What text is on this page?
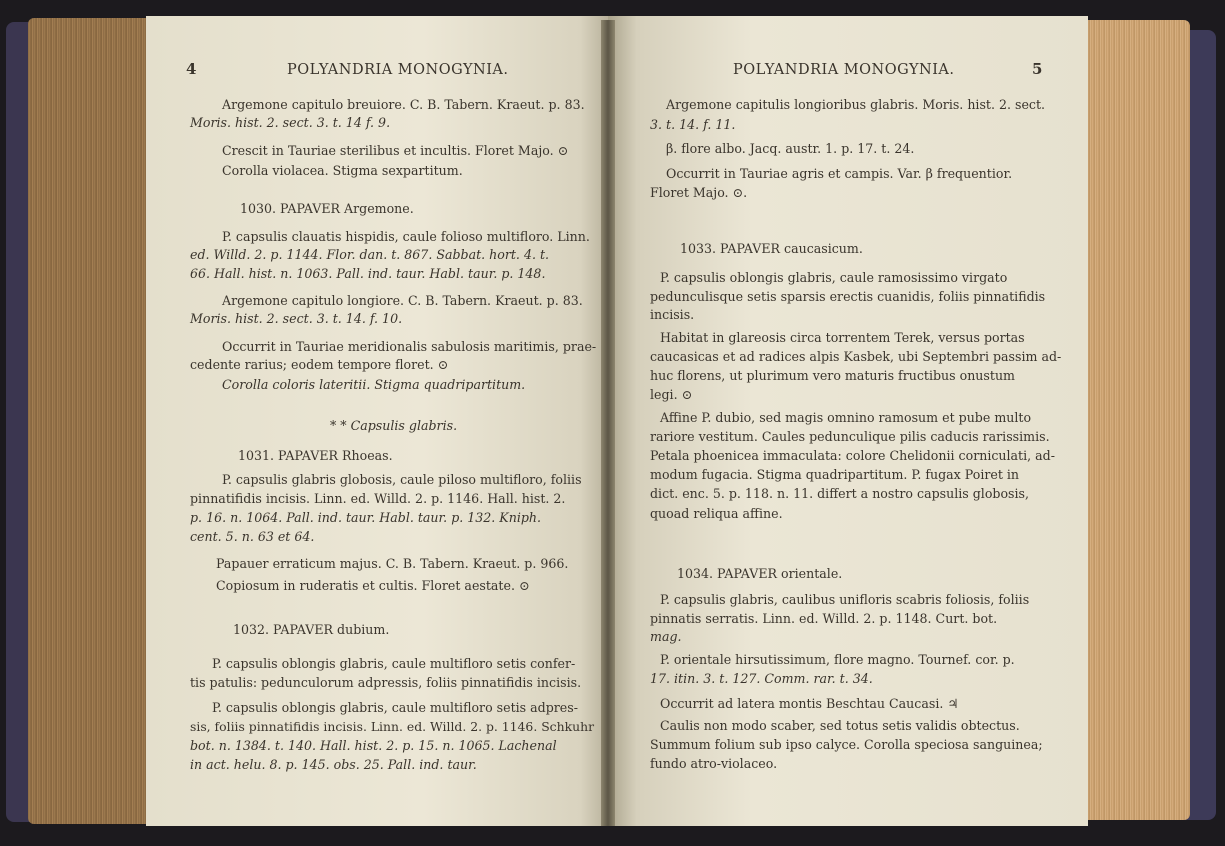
4	POLYANDRIA MONOGYNIA.	POLYANDRIA MONOGYNIA.	5
Argemone capitulo breuiore. C. B. Tabern. Kraeut. p. 83.
Moris. hist. 2. sect. 3. t. 14 f. 9.
Crescit in Tauriae sterilibus et incultis. Floret Majo. ⊙
Corolla violacea. Stigma sexpartitum.
1030. PAPAVER Argemone.
P. capsulis clauatis hispidis, caule folioso multifloro. Linn.
ed. Willd. 2. p. 1144. Flor. dan. t. 867. Sabbat. hort. 4. t.
66. Hall. hist. n. 1063. Pall. ind. taur. Habl. taur. p. 148.
Argemone capitulo longiore. C. B. Tabern. Kraeut. p. 83.
Moris. hist. 2. sect. 3. t. 14. f. 10.
Occurrit in Tauriae meridionalis sabulosis maritimis, prae-
cedente rarius; eodem tempore floret. ⊙
Corolla coloris lateritii. Stigma quadripartitum.
* * Capsulis glabris.
1031. PAPAVER Rhoeas.
P. capsulis glabris globosis, caule piloso multifloro, foliis
pinnatifidis incisis. Linn. ed. Willd. 2. p. 1146. Hall. hist. 2.
p. 16. n. 1064. Pall. ind. taur. Habl. taur. p. 132. Kniph.
cent. 5. n. 63 et 64.
Papauer erraticum majus. C. B. Tabern. Kraeut. p. 966.
Copiosum in ruderatis et cultis. Floret aestate. ⊙
1032. PAPAVER dubium.
P. capsulis oblongis glabris, caule multifloro setis confer-
tis patulis: pedunculorum adpressis, foliis pinnatifidis incisis.
P. capsulis oblongis glabris, caule multifloro setis adpres-
sis, foliis pinnatifidis incisis. Linn. ed. Willd. 2. p. 1146. Schkuhr
bot. n. 1384. t. 140. Hall. hist. 2. p. 15. n. 1065. Lachenal
in act. helu. 8. p. 145. obs. 25. Pall. ind. taur.
Argemone capitulis longioribus glabris. Moris. hist. 2. sect.
3. t. 14. f. 11.
β. flore albo. Jacq. austr. 1. p. 17. t. 24.
Occurrit in Tauriae agris et campis. Var. β frequentior.
Floret Majo. ⊙.
1033. PAPAVER caucasicum.
P. capsulis oblongis glabris, caule ramosissimo virgato
pedunculisque setis sparsis erectis cuanidis, foliis pinnatifidis
incisis.
Habitat in glareosis circa torrentem Terek, versus portas
caucasicas et ad radices alpis Kasbek, ubi Septembri passim ad-
huc florens, ut plurimum vero maturis fructibus onustum
legi. ⊙
Affine P. dubio, sed magis omnino ramosum et pube multo
rariore vestitum. Caules pedunculique pilis caducis rarissimis.
Petala phoenicea immaculata: colore Chelidonii corniculati, ad-
modum fugacia. Stigma quadripartitum. P. fugax Poiret in
dict. enc. 5. p. 118. n. 11. differt a nostro capsulis globosis,
quoad reliqua affine.
1034. PAPAVER orientale.
P. capsulis glabris, caulibus unifloris scabris foliosis, foliis
pinnatis serratis. Linn. ed. Willd. 2. p. 1148. Curt. bot.
mag.
P. orientale hirsutissimum, flore magno. Tournef. cor. p.
17. itin. 3. t. 127. Comm. rar. t. 34.
Occurrit ad latera montis Beschtau Caucasi. ♃
Caulis non modo scaber, sed totus setis validis obtectus.
Summum folium sub ipso calyce. Corolla speciosa sanguinea;
fundo atro-violaceo.
